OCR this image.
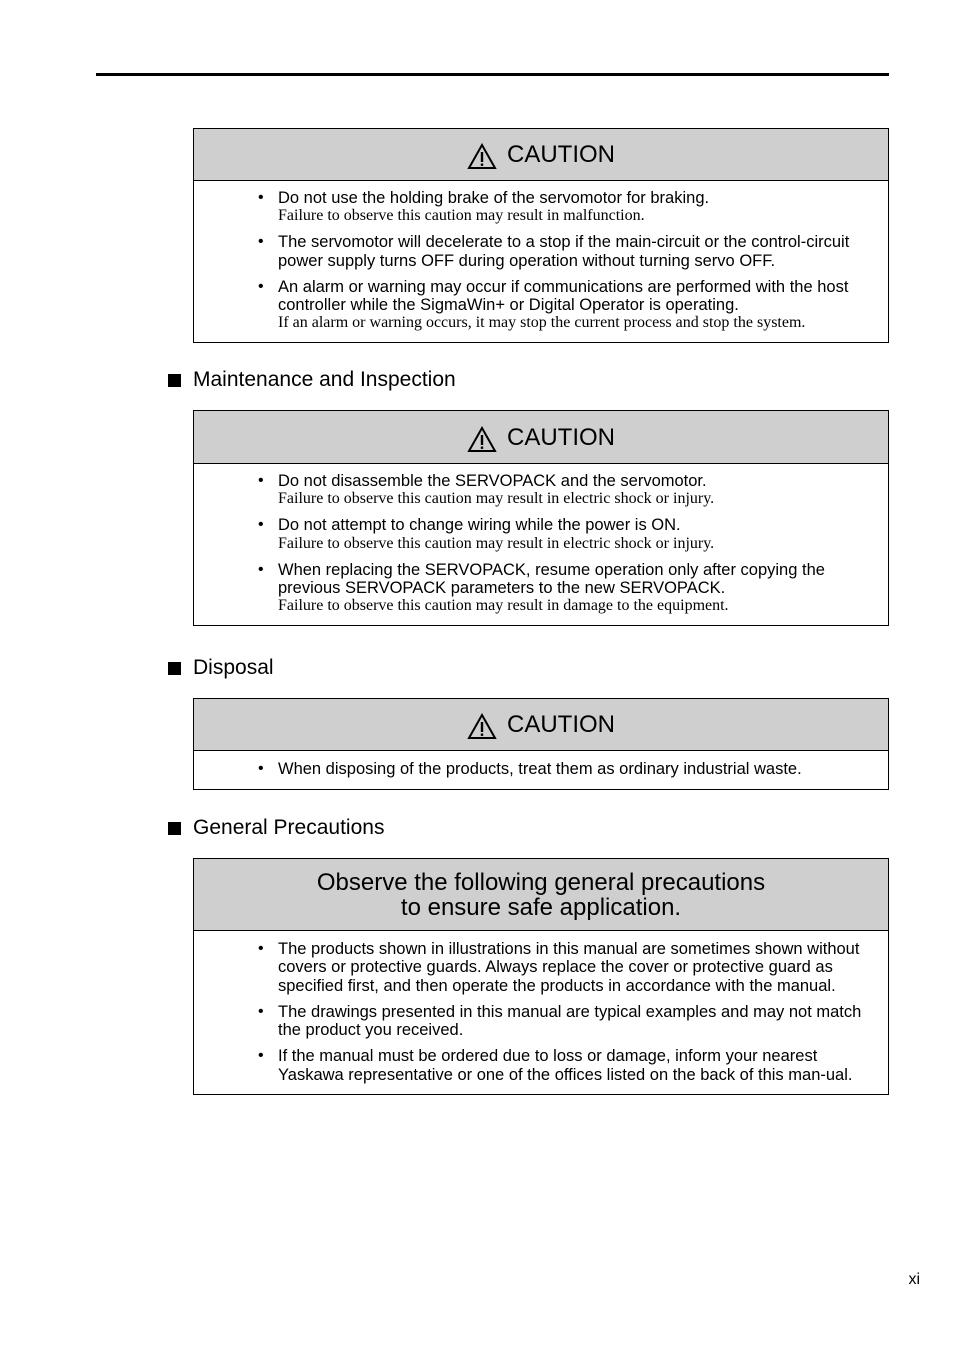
CAUTION
• Do not use the holding brake of the servomotor for braking.
Failure to observe this caution may result in malfunction.
• The servomotor will decelerate to a stop if the main-circuit or the control-circuit power supply turns OFF during operation without turning servo OFF.
• An alarm or warning may occur if communications are performed with the host controller while the SigmaWin+ or Digital Operator is operating.
If an alarm or warning occurs, it may stop the current process and stop the system.
Maintenance and Inspection
CAUTION
• Do not disassemble the SERVOPACK and the servomotor.
Failure to observe this caution may result in electric shock or injury.
• Do not attempt to change wiring while the power is ON.
Failure to observe this caution may result in electric shock or injury.
• When replacing the SERVOPACK, resume operation only after copying the previous SERVOPACK parameters to the new SERVOPACK.
Failure to observe this caution may result in damage to the equipment.
Disposal
CAUTION
• When disposing of the products, treat them as ordinary industrial waste.
General Precautions
Observe the following general precautions
to ensure safe application.
• The products shown in illustrations in this manual are sometimes shown without covers or protective guards. Always replace the cover or protective guard as specified first, and then operate the products in accordance with the manual.
• The drawings presented in this manual are typical examples and may not match the product you received.
• If the manual must be ordered due to loss or damage, inform your nearest Yaskawa representative or one of the offices listed on the back of this man-ual.
xi
